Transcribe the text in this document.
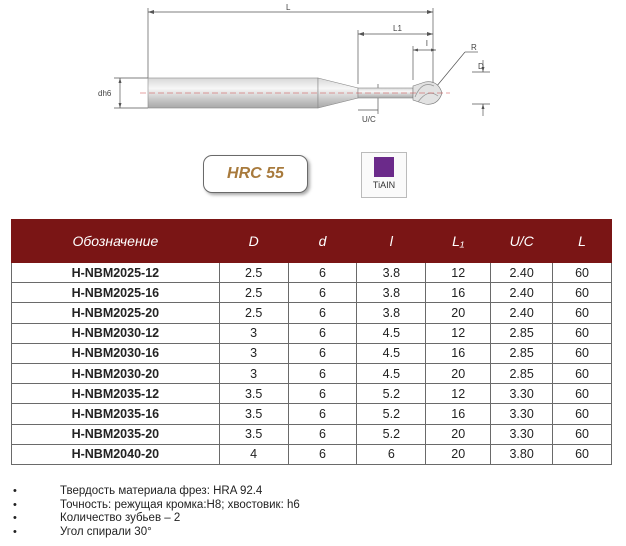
L
L1
l	R
D
dh6
U/C
HRC 55
TiAIN
Обозначение	D	d	l	L₁	U/C	L
H-NBM2025-12	2.5	6	3.8	12	2.40	60
H-NBM2025-16	2.5	6	3.8	16	2.40	60
H-NBM2025-20	2.5	6	3.8	20	2.40	60
H-NBM2030-12	3	6	4.5	12	2.85	60
H-NBM2030-16	3	6	4.5	16	2.85	60
H-NBM2030-20	3	6	4.5	20	2.85	60
H-NBM2035-12	3.5	6	5.2	12	3.30	60
H-NBM2035-16	3.5	6	5.2	16	3.30	60
H-NBM2035-20	3.5	6	5.2	20	3.30	60
H-NBM2040-20	4	6	6	20	3.80	60
•	Твердость материала фрез: HRA 92.4
•	Точность: режущая кромка:H8; хвостовик: h6
•	Количество зубьев – 2
•	Угол спирали 30°
